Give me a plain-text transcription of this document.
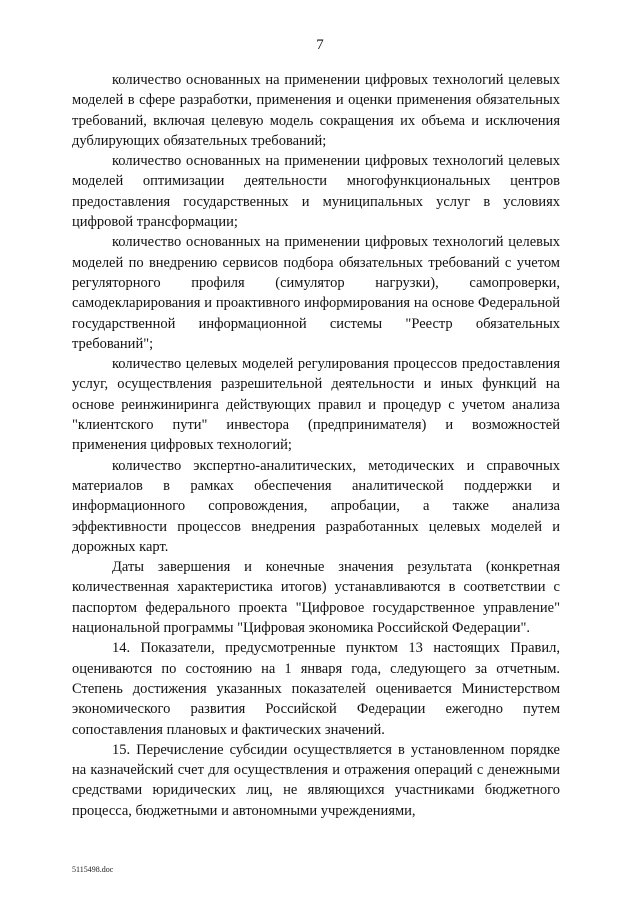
7

количество основанных на применении цифровых технологий целевых моделей в сфере разработки, применения и оценки применения обязательных требований, включая целевую модель сокращения их объема и исключения дублирующих обязательных требований;

количество основанных на применении цифровых технологий целевых моделей оптимизации деятельности многофункциональных центров предоставления государственных и муниципальных услуг в условиях цифровой трансформации;

количество основанных на применении цифровых технологий целевых моделей по внедрению сервисов подбора обязательных требований с учетом регуляторного профиля (симулятор нагрузки), самопроверки, самодекларирования и проактивного информирования на основе Федеральной государственной информационной системы "Реестр обязательных требований";

количество целевых моделей регулирования процессов предоставления услуг, осуществления разрешительной деятельности и иных функций на основе реинжиниринга действующих правил и процедур с учетом анализа "клиентского пути" инвестора (предпринимателя) и возможностей применения цифровых технологий;

количество экспертно-аналитических, методических и справочных материалов в рамках обеспечения аналитической поддержки и информационного сопровождения, апробации, а также анализа эффективности процессов внедрения разработанных целевых моделей и дорожных карт.

Даты завершения и конечные значения результата (конкретная количественная характеристика итогов) устанавливаются в соответствии с паспортом федерального проекта "Цифровое государственное управление" национальной программы "Цифровая экономика Российской Федерации".

14. Показатели, предусмотренные пунктом 13 настоящих Правил, оцениваются по состоянию на 1 января года, следующего за отчетным. Степень достижения указанных показателей оценивается Министерством экономического развития Российской Федерации ежегодно путем сопоставления плановых и фактических значений.

15. Перечисление субсидии осуществляется в установленном порядке на казначейский счет для осуществления и отражения операций с денежными средствами юридических лиц, не являющихся участниками бюджетного процесса, бюджетными и автономными учреждениями,

5115498.doc
